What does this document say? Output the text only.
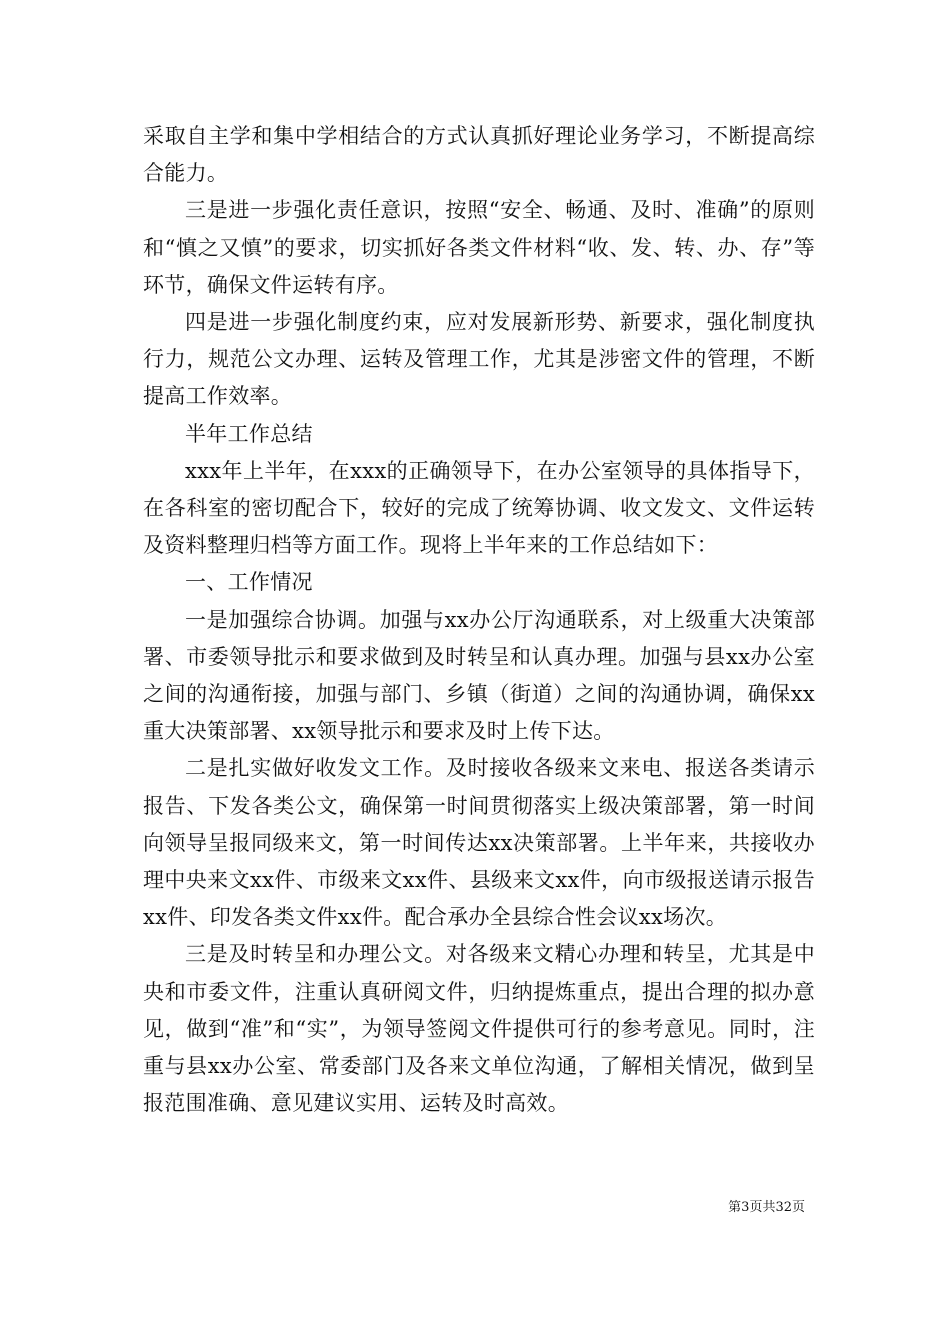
采取自主学和集中学相结合的方式认真抓好理论业务学习，不断提高综合能力。

三是进一步强化责任意识，按照“安全、畅通、及时、准确”的原则和“慎之又慎”的要求，切实抓好各类文件材料“收、发、转、办、存”等环节，确保文件运转有序。

四是进一步强化制度约束，应对发展新形势、新要求，强化制度执行力，规范公文办理、运转及管理工作，尤其是涉密文件的管理，不断提高工作效率。

半年工作总结

xxx年上半年，在xxx的正确领导下，在办公室领导的具体指导下，在各科室的密切配合下，较好的完成了统筹协调、收文发文、文件运转及资料整理归档等方面工作。现将上半年来的工作总结如下：

一、工作情况

一是加强综合协调。加强与xx办公厅沟通联系，对上级重大决策部署、市委领导批示和要求做到及时转呈和认真办理。加强与县xx办公室之间的沟通衔接，加强与部门、乡镇（街道）之间的沟通协调，确保xx重大决策部署、xx领导批示和要求及时上传下达。

二是扎实做好收发文工作。及时接收各级来文来电、报送各类请示报告、下发各类公文，确保第一时间贯彻落实上级决策部署，第一时间向领导呈报同级来文，第一时间传达xx决策部署。上半年来，共接收办理中央来文xx件、市级来文xx件、县级来文xx件，向市级报送请示报告xx件、印发各类文件xx件。配合承办全县综合性会议xx场次。

三是及时转呈和办理公文。对各级来文精心办理和转呈，尤其是中央和市委文件，注重认真研阅文件，归纳提炼重点，提出合理的拟办意见，做到“准”和“实”，为领导签阅文件提供可行的参考意见。同时，注重与县xx办公室、常委部门及各来文单位沟通，了解相关情况，做到呈报范围准确、意见建议实用、运转及时高效。

第3页共32页
